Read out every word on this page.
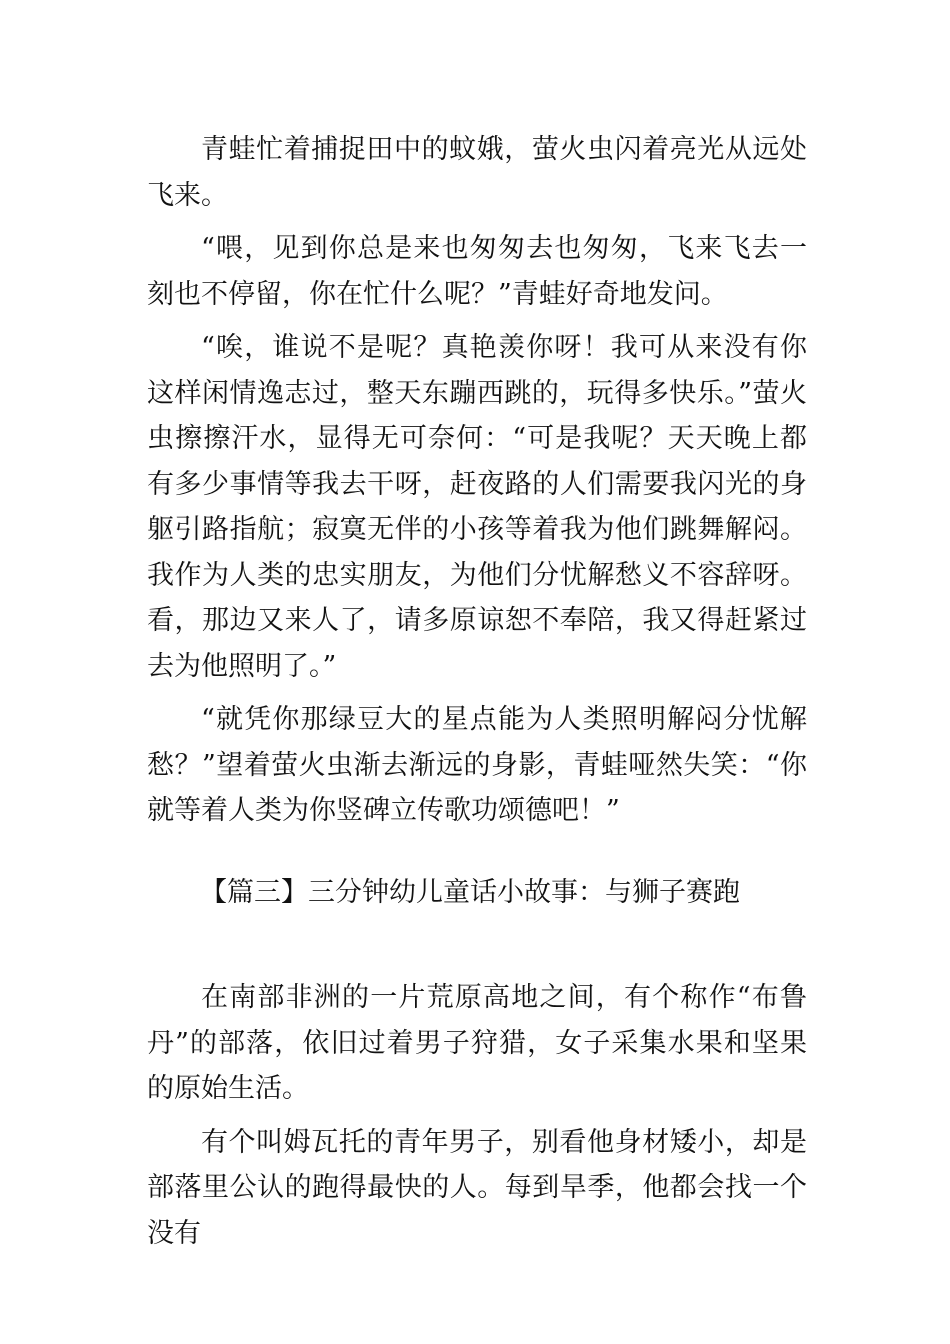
青蛙忙着捕捉田中的蚊娥，萤火虫闪着亮光从远处飞来。

“喂，见到你总是来也匆匆去也匆匆，飞来飞去一刻也不停留，你在忙什么呢？”青蛙好奇地发问。

“唉，谁说不是呢？真艳羡你呀！我可从来没有你这样闲情逸志过，整天东蹦西跳的，玩得多快乐。”萤火虫擦擦汗水，显得无可奈何：“可是我呢？天天晚上都有多少事情等我去干呀，赶夜路的人们需要我闪光的身躯引路指航；寂寞无伴的小孩等着我为他们跳舞解闷。我作为人类的忠实朋友，为他们分忧解愁义不容辞呀。看，那边又来人了，请多原谅恕不奉陪，我又得赶紧过去为他照明了。”

“就凭你那绿豆大的星点能为人类照明解闷分忧解愁？”望着萤火虫渐去渐远的身影，青蛙哑然失笑：“你就等着人类为你竖碑立传歌功颂德吧！”

【篇三】三分钟幼儿童话小故事：与狮子赛跑

在南部非洲的一片荒原高地之间，有个称作“布鲁丹”的部落，依旧过着男子狩猎，女子采集水果和坚果的原始生活。

有个叫姆瓦托的青年男子，别看他身材矮小，却是部落里公认的跑得最快的人。每到旱季，他都会找一个没有
